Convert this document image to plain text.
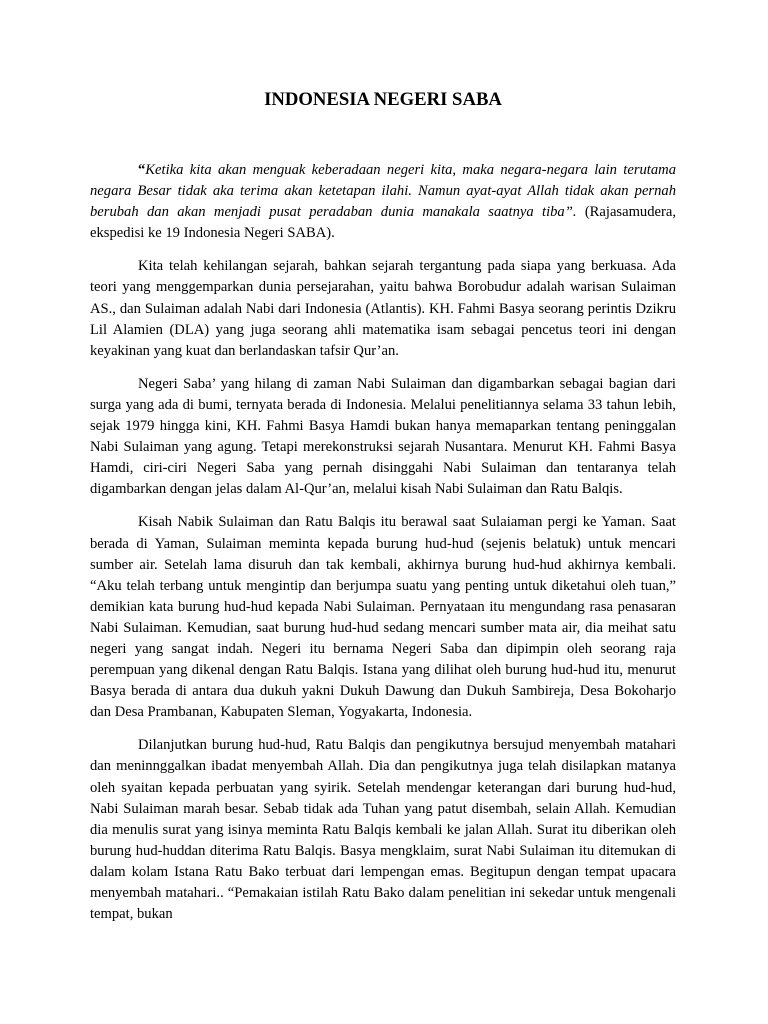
INDONESIA NEGERI SABA

“Ketika kita akan menguak keberadaan negeri kita, maka negara-negara lain terutama negara Besar tidak aka terima akan ketetapan ilahi. Namun ayat-ayat Allah tidak akan pernah berubah dan akan menjadi pusat peradaban dunia manakala saatnya tiba”. (Rajasamudera, ekspedisi ke 19 Indonesia Negeri SABA).

Kita telah kehilangan sejarah, bahkan sejarah tergantung pada siapa yang berkuasa. Ada teori yang menggemparkan dunia persejarahan, yaitu bahwa Borobudur adalah warisan Sulaiman AS., dan Sulaiman adalah Nabi dari Indonesia (Atlantis). KH. Fahmi Basya seorang perintis Dzikru Lil Alamien (DLA) yang juga seorang ahli matematika isam sebagai pencetus teori ini dengan keyakinan yang kuat dan berlandaskan tafsir Qur’an.

Negeri Saba’ yang hilang di zaman Nabi Sulaiman dan digambarkan sebagai bagian dari surga yang ada di bumi, ternyata berada di Indonesia. Melalui penelitiannya selama 33 tahun lebih, sejak 1979 hingga kini, KH. Fahmi Basya Hamdi bukan hanya memaparkan tentang peninggalan Nabi Sulaiman yang agung. Tetapi merekonstruksi sejarah Nusantara. Menurut KH. Fahmi Basya Hamdi, ciri-ciri Negeri Saba yang pernah disinggahi Nabi Sulaiman dan tentaranya telah digambarkan dengan jelas dalam Al-Qur’an, melalui kisah Nabi Sulaiman dan Ratu Balqis.

Kisah Nabik Sulaiman dan Ratu Balqis itu berawal saat Sulaiaman pergi ke Yaman. Saat berada di Yaman, Sulaiman meminta kepada burung hud-hud (sejenis belatuk) untuk mencari sumber air. Setelah lama disuruh dan tak kembali, akhirnya burung hud-hud akhirnya kembali. “Aku telah terbang untuk mengintip dan berjumpa suatu yang penting untuk diketahui oleh tuan,” demikian kata burung hud-hud kepada Nabi Sulaiman. Pernyataan itu mengundang rasa penasaran Nabi Sulaiman. Kemudian, saat burung hud-hud sedang mencari sumber mata air, dia meihat satu negeri yang sangat indah. Negeri itu bernama Negeri Saba dan dipimpin oleh seorang raja perempuan yang dikenal dengan Ratu Balqis. Istana yang dilihat oleh burung hud-hud itu, menurut Basya berada di antara dua dukuh yakni Dukuh Dawung dan Dukuh Sambireja, Desa Bokoharjo dan Desa Prambanan, Kabupaten Sleman, Yogyakarta, Indonesia.

Dilanjutkan burung hud-hud, Ratu Balqis dan pengikutnya bersujud menyembah matahari dan meninnggalkan ibadat menyembah Allah. Dia dan pengikutnya juga telah disilapkan matanya oleh syaitan kepada perbuatan yang syirik. Setelah mendengar keterangan dari burung hud-hud, Nabi Sulaiman marah besar. Sebab tidak ada Tuhan yang patut disembah, selain Allah. Kemudian dia menulis surat yang isinya meminta Ratu Balqis kembali ke jalan Allah. Surat itu diberikan oleh burung hud-huddan diterima Ratu Balqis. Basya mengklaim, surat Nabi Sulaiman itu ditemukan di dalam kolam Istana Ratu Bako terbuat dari lempengan emas. Begitupun dengan tempat upacara menyembah matahari.. “Pemakaian istilah Ratu Bako dalam penelitian ini sekedar untuk mengenali tempat, bukan
